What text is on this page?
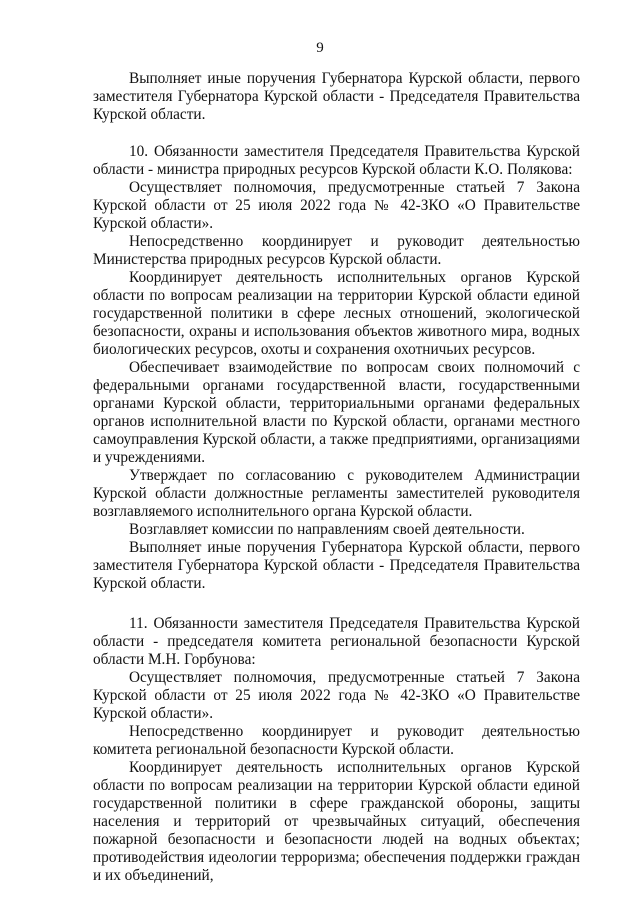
9

Выполняет иные поручения Губернатора Курской области, первого заместителя Губернатора Курской области - Председателя Правительства Курской области.

10. Обязанности заместителя Председателя Правительства Курской области - министра природных ресурсов Курской области К.О. Полякова:

Осуществляет полномочия, предусмотренные статьей 7 Закона Курской области от 25 июля 2022 года № 42-ЗКО «О Правительстве Курской области».

Непосредственно координирует и руководит деятельностью Министерства природных ресурсов Курской области.

Координирует деятельность исполнительных органов Курской области по вопросам реализации на территории Курской области единой государственной политики в сфере лесных отношений, экологической безопасности, охраны и использования объектов животного мира, водных биологических ресурсов, охоты и сохранения охотничьих ресурсов.

Обеспечивает взаимодействие по вопросам своих полномочий с федеральными органами государственной власти, государственными органами Курской области, территориальными органами федеральных органов исполнительной власти по Курской области, органами местного самоуправления Курской области, а также предприятиями, организациями и учреждениями.

Утверждает по согласованию с руководителем Администрации Курской области должностные регламенты заместителей руководителя возглавляемого исполнительного органа Курской области.

Возглавляет комиссии по направлениям своей деятельности.

Выполняет иные поручения Губернатора Курской области, первого заместителя Губернатора Курской области - Председателя Правительства Курской области.

11. Обязанности заместителя Председателя Правительства Курской области - председателя комитета региональной безопасности Курской области М.Н. Горбунова:

Осуществляет полномочия, предусмотренные статьей 7 Закона Курской области от 25 июля 2022 года № 42-ЗКО «О Правительстве Курской области».

Непосредственно координирует и руководит деятельностью комитета региональной безопасности Курской области.

Координирует деятельность исполнительных органов Курской области по вопросам реализации на территории Курской области единой государственной политики в сфере гражданской обороны, защиты населения и территорий от чрезвычайных ситуаций, обеспечения пожарной безопасности и безопасности людей на водных объектах; противодействия идеологии терроризма; обеспечения поддержки граждан и их объединений,
